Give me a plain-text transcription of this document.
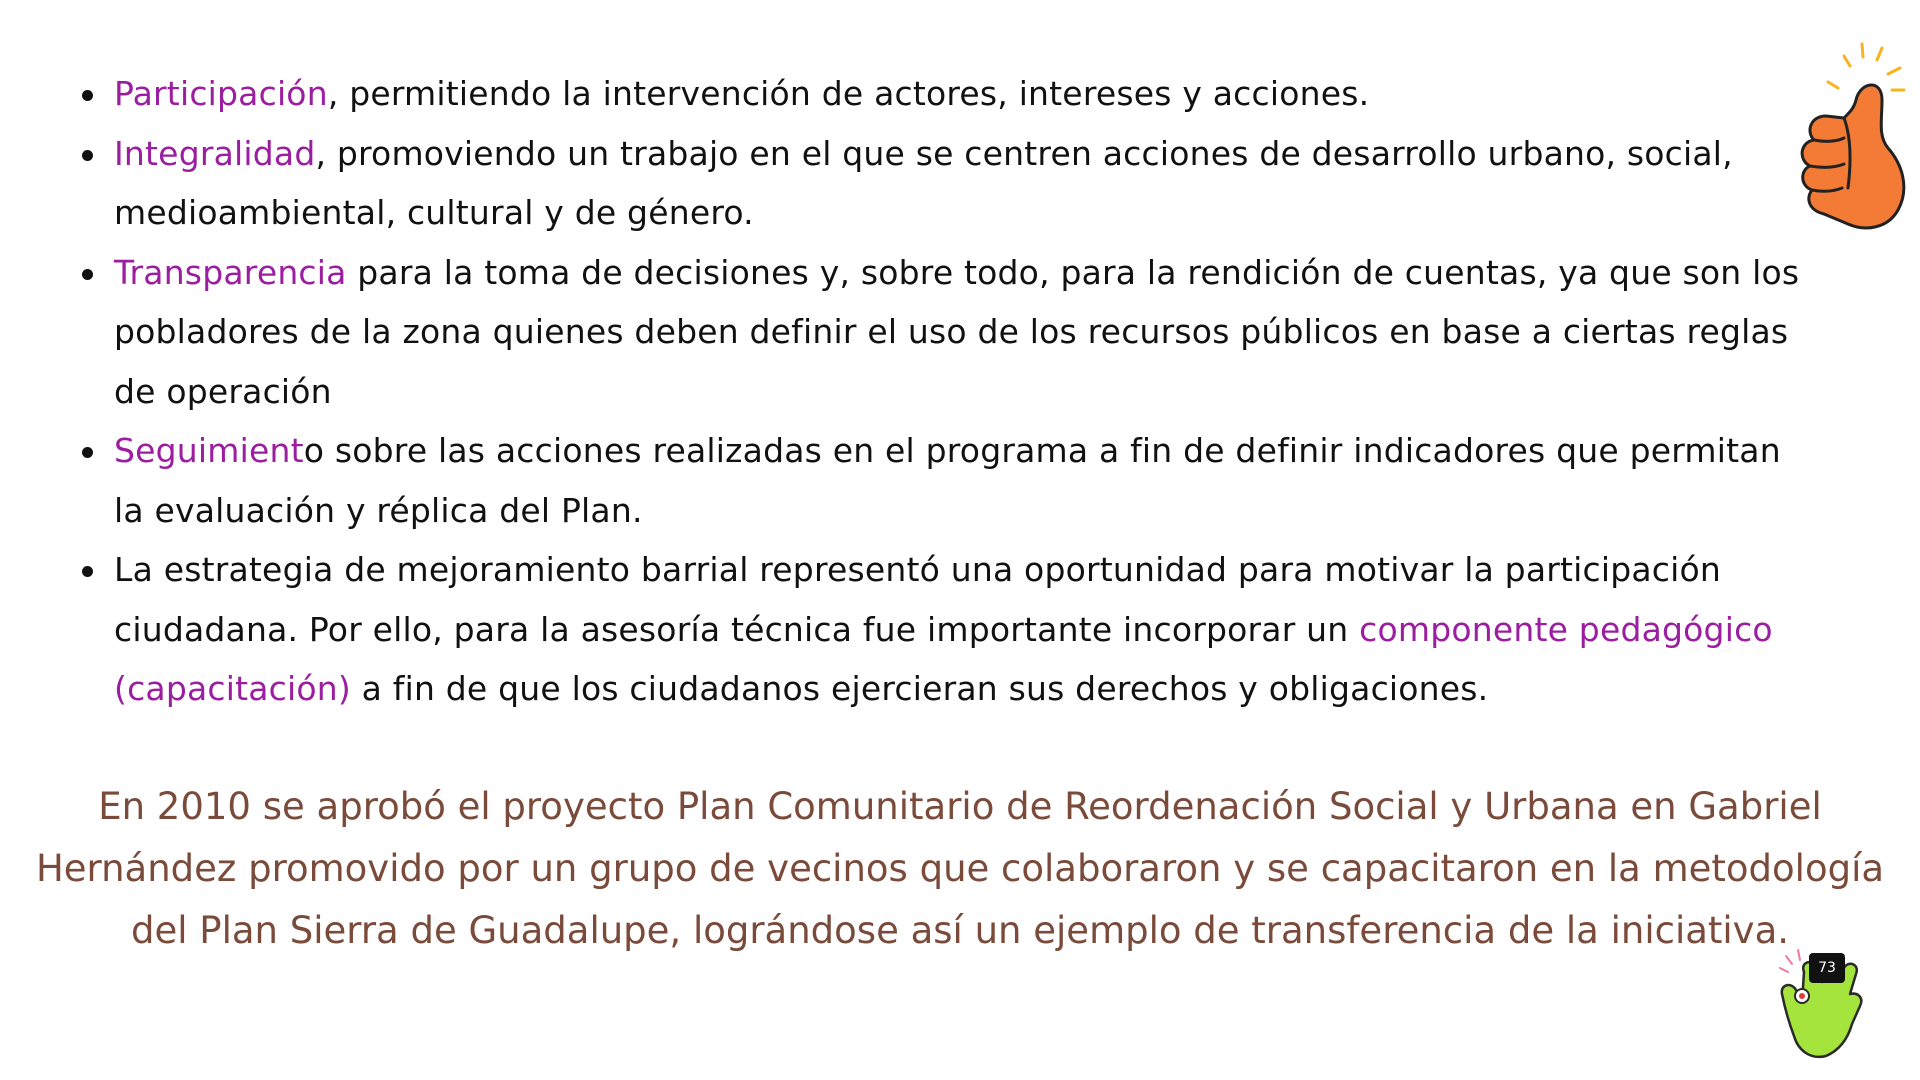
Participación, permitiendo la intervención de actores, intereses y acciones.
Integralidad, promoviendo un trabajo en el que se centren acciones de desarrollo urbano, social, medioambiental, cultural y de género.
Transparencia para la toma de decisiones y, sobre todo, para la rendición de cuentas, ya que son los pobladores de la zona quienes deben definir el uso de los recursos públicos en base a ciertas reglas de operación
Seguimiento sobre las acciones realizadas en el programa a fin de definir indicadores que permitan la evaluación y réplica del Plan.
La estrategia de mejoramiento barrial representó una oportunidad para motivar la participación ciudadana. Por ello, para la asesoría técnica fue importante incorporar un componente pedagógico (capacitación) a fin de que los ciudadanos ejercieran sus derechos y obligaciones.

En 2010 se aprobó el proyecto Plan Comunitario de Reordenación Social y Urbana en Gabriel Hernández promovido por un grupo de vecinos que colaboraron y se capacitaron en la metodología del Plan Sierra de Guadalupe, lográndose así un ejemplo de transferencia de la iniciativa.

73
